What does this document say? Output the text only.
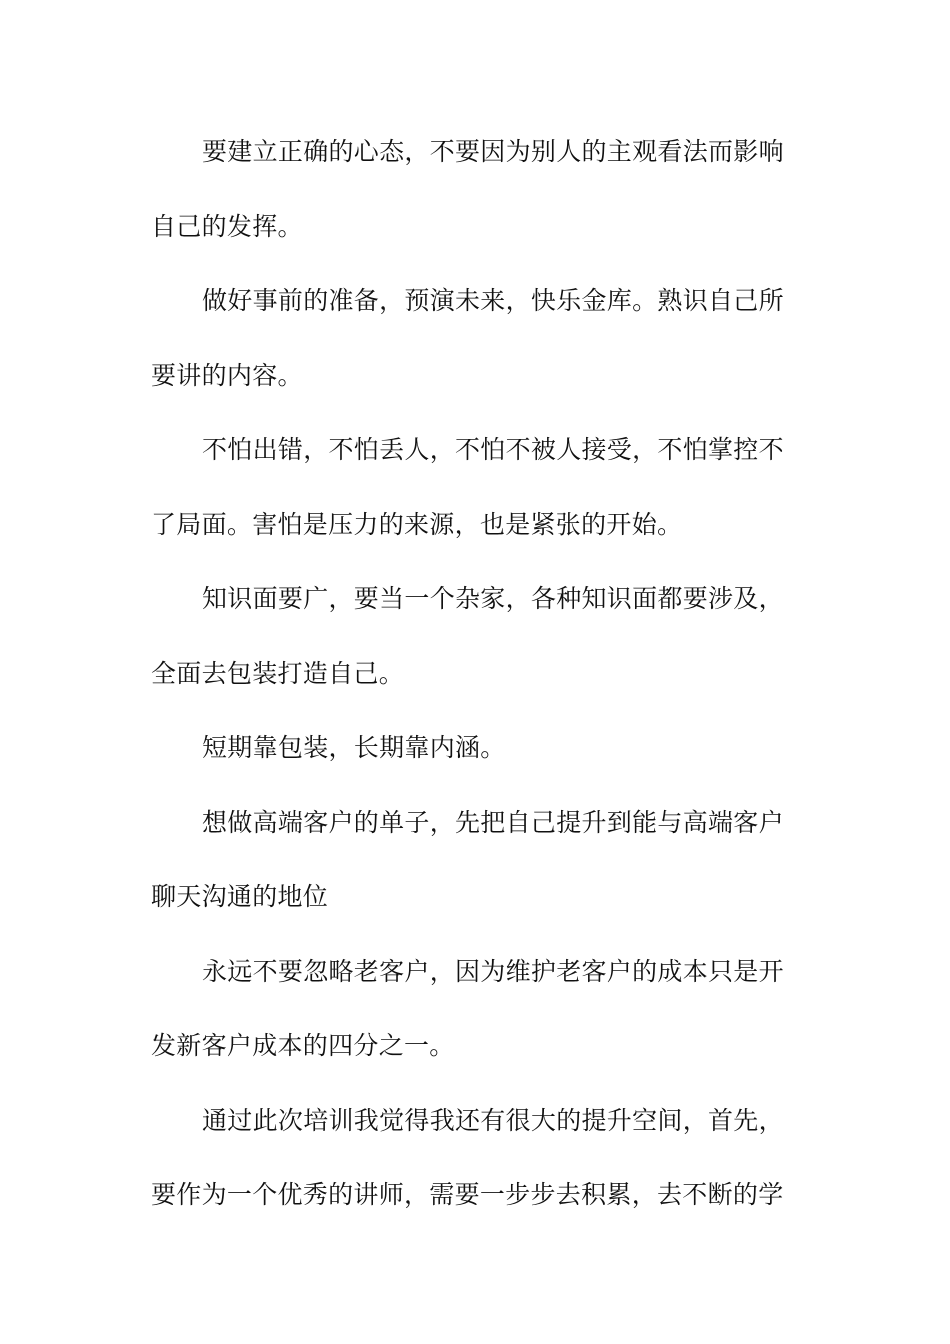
要建立正确的心态，不要因为别人的主观看法而影响
自己的发挥。
做好事前的准备，预演未来，快乐金库。熟识自己所
要讲的内容。
不怕出错，不怕丢人，不怕不被人接受，不怕掌控不
了局面。害怕是压力的来源，也是紧张的开始。
知识面要广，要当一个杂家，各种知识面都要涉及，
全面去包装打造自己。
短期靠包装，长期靠内涵。
想做高端客户的单子，先把自己提升到能与高端客户
聊天沟通的地位
永远不要忽略老客户，因为维护老客户的成本只是开
发新客户成本的四分之一。
通过此次培训我觉得我还有很大的提升空间，首先，
要作为一个优秀的讲师，需要一步步去积累，去不断的学
